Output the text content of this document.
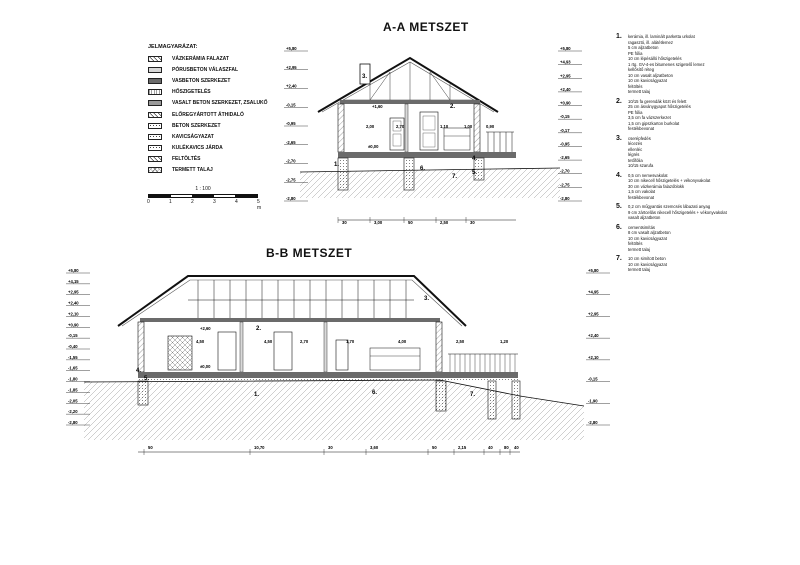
A-A METSZET
B-B METSZET
JELMAGYARÁZAT:
VÁZKERÁMIA FALAZAT
PÓRUSBETON VÁLASZFAL
VASBETON SZERKEZET
HŐSZIGETELÉS
VASALT BETON SZERKEZET, ZSALUKŐ
ELŐREGYÁRTOTT ÁTHIDALÓ
BETON SZERKEZET
KAVICSÁGYAZAT
KULÉKAVICS JÁRDA
FELTÖLTÉS
TERMETT TALAJ
1 : 100
0	1	2	3	4	5 m
+5,80
+2,95
+2,40
-0,15
-0,95
-2,65
-2,70
-2,75
-2,80
+5,80
+4,93
+2,95
+2,40
+0,90
-0,15
-0,17
-0,95
-2,65
-2,70
-2,75
-2,80
+5,80
+4,15
+2,95
+2,40
+2,10
+0,90
-0,15
-0,40
-1,55
-1,65
-1,80
-1,85
-2,05
-2,20
-2,80
+5,80
+4,95
+2,95
+2,40
+2,10
-0,15
-1,90
-2,80
2,00	2,70	1,10	1,00	0,90
+1,60
±0,00
4,50	4,50	2,70	1,70	4,00	2,50	1,20
+2,60
±0,00
30	3,00	50	2,50	30
50	10,70	30	3,60	50	2,15	40	80 40
3.
2.
4.
5.
1.
6.
7.
3.
2.
4.
5.
1.	6.	7.
1. kerámia, ill. laminált parketta urkolat
ragasztó, ill. alátétlemez
5 cm aljzatbeton
PE fólia
10 cm lépésálló hőszigetelés
1 rtg. GV-4-es bitumenes szigetelő lemez
kellősítő réteg
10 cm vasalt aljzatbeton
10 cm kavicságyazat
feltöltés
termett talaj
2. 10/15 fa gerendák közt és felett
25 cm ásványgyapot hőszigetelés
PE fólia
3,5 cm fa vázszerkezet
1,5 cm gipszkarton burkolat
festékbevonat
3. cserépfedés
lécezés
ellenléc
légrés
tetőfólia
10/15 szarufa
4. 0,5 cm nemesvakolat
10 cm nikecell hőszigetelés + vékonyvakolat
30 cm vázkerámia falazóblokk
1,5 cm vakolat
festékbevonat
5. 0,2 cm műgyantás szemcsés lábazati anyag
9 cm zártcellás nikecell hőszigetelés + vékonyvakolat
vasalt aljzatbeton
6. cementsimítás
8 cm vasalt aljzatbeton
10 cm kavicságyazat
feltöltés
termett talaj
7. 10 cm simított beton
10 cm kavicságyazat
termett talaj
